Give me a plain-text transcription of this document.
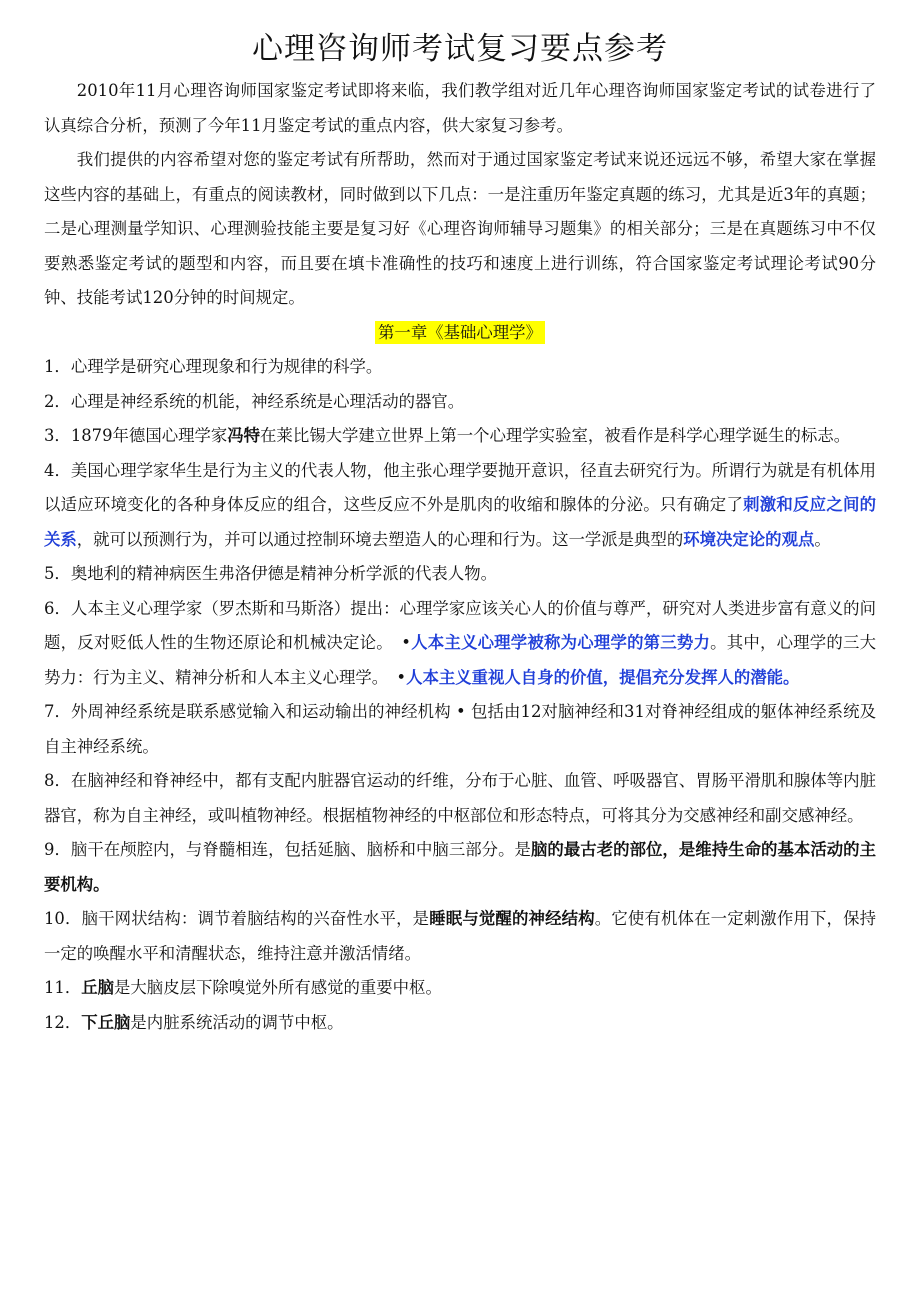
心理咨询师考试复习要点参考

2010年11月心理咨询师国家鉴定考试即将来临，我们教学组对近几年心理咨询师国家鉴定考试的试卷进行了认真综合分析，预测了今年11月鉴定考试的重点内容，供大家复习参考。

我们提供的内容希望对您的鉴定考试有所帮助，然而对于通过国家鉴定考试来说还远远不够，希望大家在掌握这些内容的基础上，有重点的阅读教材，同时做到以下几点：一是注重历年鉴定真题的练习，尤其是近3年的真题；二是心理测量学知识、心理测验技能主要是复习好《心理咨询师辅导习题集》的相关部分；三是在真题练习中不仅要熟悉鉴定考试的题型和内容，而且要在填卡准确性的技巧和速度上进行训练，符合国家鉴定考试理论考试90分钟、技能考试120分钟的时间规定。

第一章《基础心理学》

1．心理学是研究心理现象和行为规律的科学。

2．心理是神经系统的机能，神经系统是心理活动的器官。

3．1879年德国心理学家冯特在莱比锡大学建立世界上第一个心理学实验室，被看作是科学心理学诞生的标志。

4．美国心理学家华生是行为主义的代表人物，他主张心理学要抛开意识，径直去研究行为。所谓行为就是有机体用以适应环境变化的各种身体反应的组合，这些反应不外是肌肉的收缩和腺体的分泌。只有确定了刺激和反应之间的关系，就可以预测行为，并可以通过控制环境去塑造人的心理和行为。这一学派是典型的环境决定论的观点。

5．奥地利的精神病医生弗洛伊德是精神分析学派的代表人物。

6．人本主义心理学家（罗杰斯和马斯洛）提出：心理学家应该关心人的价值与尊严，研究对人类进步富有意义的问题，反对贬低人性的生物还原论和机械决定论。　•人本主义心理学被称为心理学的第三势力。其中，心理学的三大势力：行为主义、精神分析和人本主义心理学。　•人本主义重视人自身的价值，提倡充分发挥人的潜能。

7．外周神经系统是联系感觉输入和运动输出的神经机构 • 包括由12对脑神经和31对脊神经组成的躯体神经系统及自主神经系统。

8．在脑神经和脊神经中，都有支配内脏器官运动的纤维，分布于心脏、血管、呼吸器官、胃肠平滑肌和腺体等内脏器官，称为自主神经，或叫植物神经。根据植物神经的中枢部位和形态特点，可将其分为交感神经和副交感神经。

9．脑干在颅腔内，与脊髓相连，包括延脑、脑桥和中脑三部分。是脑的最古老的部位，是维持生命的基本活动的主要机构。

10．脑干网状结构：调节着脑结构的兴奋性水平，是睡眠与觉醒的神经结构。它使有机体在一定刺激作用下，保持一定的唤醒水平和清醒状态，维持注意并激活情绪。

11．丘脑是大脑皮层下除嗅觉外所有感觉的重要中枢。

12．下丘脑是内脏系统活动的调节中枢。
